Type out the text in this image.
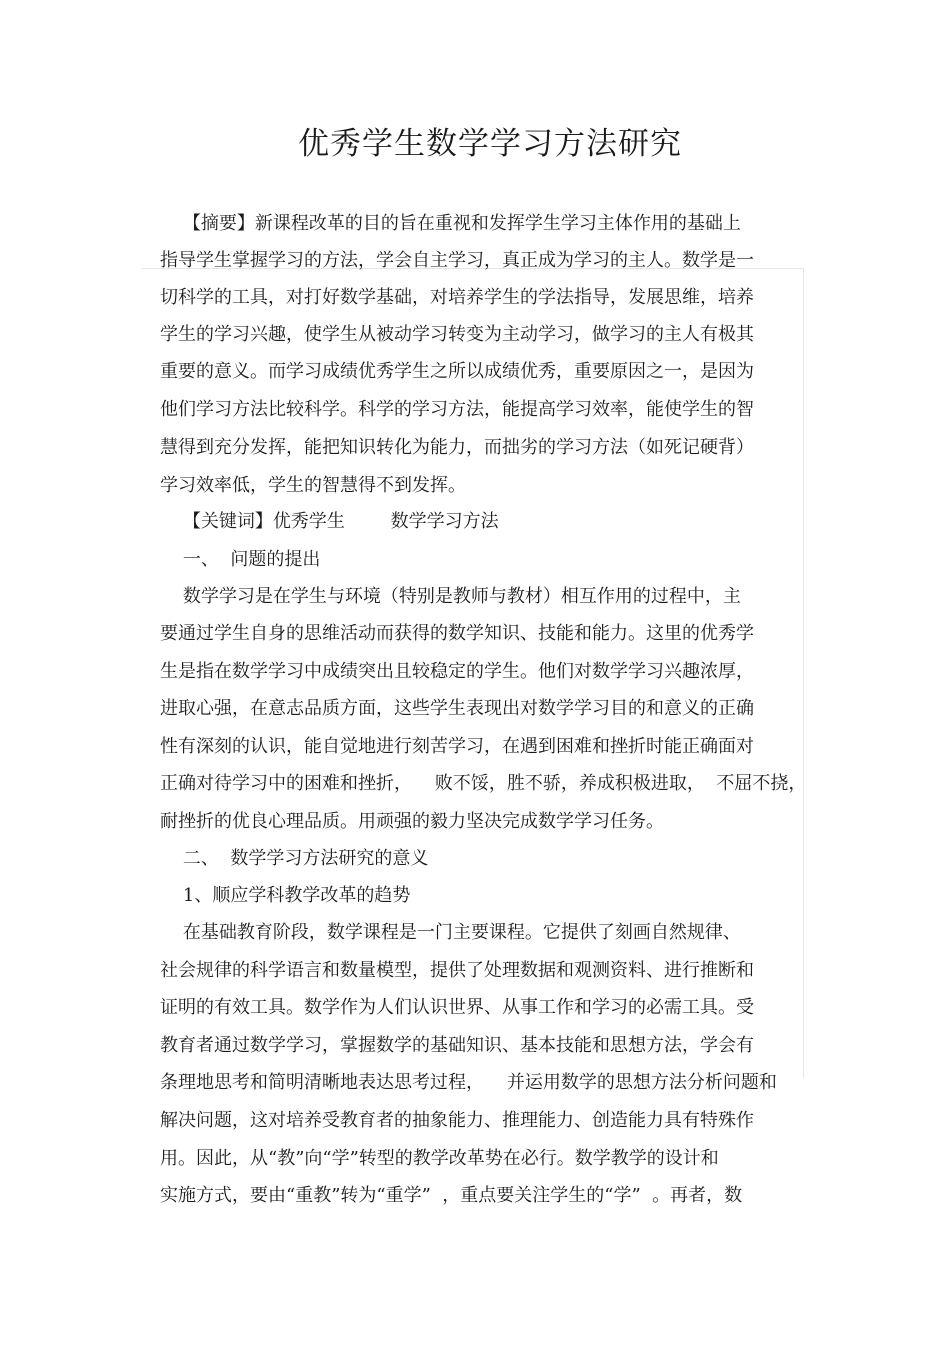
优秀学生数学学习方法研究

【摘要】新课程改革的目的旨在重视和发挥学生学习主体作用的基础上

指导学生掌握学习的方法，学会自主学习，真正成为学习的主人。数学是一

切科学的工具，对打好数学基础，对培养学生的学法指导，发展思维，培养

学生的学习兴趣，使学生从被动学习转变为主动学习，做学习的主人有极其

重要的意义。而学习成绩优秀学生之所以成绩优秀，重要原因之一，是因为

他们学习方法比较科学。科学的学习方法，能提高学习效率，能使学生的智

慧得到充分发挥，能把知识转化为能力，而拙劣的学习方法（如死记硬背）

学习效率低，学生的智慧得不到发挥。

【关键词】优秀学生        数学学习方法

一、  问题的提出

数学学习是在学生与环境（特别是教师与教材）相互作用的过程中，主

要通过学生自身的思维活动而获得的数学知识、技能和能力。这里的优秀学

生是指在数学学习中成绩突出且较稳定的学生。他们对数学学习兴趣浓厚，

进取心强，在意志品质方面，这些学生表现出对数学学习目的和意义的正确

性有深刻的认识，能自觉地进行刻苦学习，在遇到困难和挫折时能正确面对

正确对待学习中的困难和挫折，    败不馁，胜不骄，养成积极进取，  不屈不挠，

耐挫折的优良心理品质。用顽强的毅力坚决完成数学学习任务。

二、  数学学习方法研究的意义

1、顺应学科教学改革的趋势

在基础教育阶段，数学课程是一门主要课程。它提供了刻画自然规律、

社会规律的科学语言和数量模型，提供了处理数据和观测资料、进行推断和

证明的有效工具。数学作为人们认识世界、从事工作和学习的必需工具。受

教育者通过数学学习，掌握数学的基础知识、基本技能和思想方法，学会有

条理地思考和简明清晰地表达思考过程，    并运用数学的思想方法分析问题和

解决问题，这对培养受教育者的抽象能力、推理能力、创造能力具有特殊作

用。因此，从“教”向“学”转型的教学改革势在必行。数学教学的设计和

实施方式，要由“重教”转为“重学”  ，重点要关注学生的“学”  。再者，数
